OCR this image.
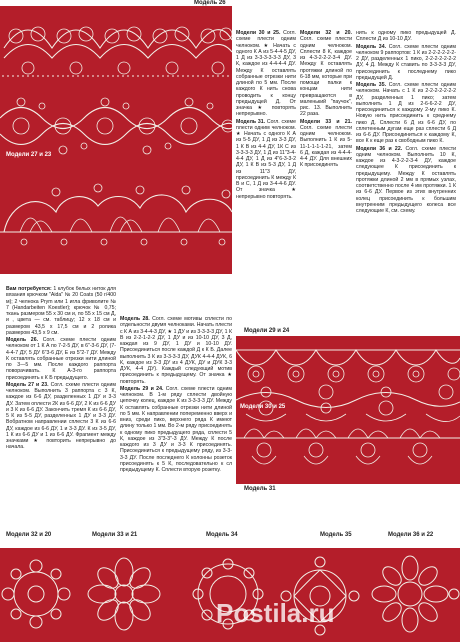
Модель 26
Модели 27 и 23

Модели 30 и 25. Согл. схеме плести одним челноком. ★ Начать с одного К А из 5-4-4-5 ДУ, 1 Д из 3-3-3-3-3-3 ДУ, 3 К, каждое из 4-4-4-4 ДУ. Между К оставлять собранные отрезки нити длиной по 5 мм. После каждого К нить снова проводить к концу предыдущей Д. От значка ★ повторять непрерывно.

Модель 31. Согл. схеме плести одним челноком. ★ Начать с одного К А из 5-5 ДУ, 1 Д из 3-3 ДУ, 1 К В из 4-4 ДУ, 1К С из 3-3-3-3 ДУ, 1 Д из 11"3-4-4-4 ДУ, 1 Д из 4"6-3-3-2 ДУ, 1 К В из 5-3 ДУ, 1 Д из 11"3 ДУ, присоединить К между К В и С, 1 Д из 3-4-4-6 ДУ. От значка ★ непрерывно повторять.

Модели 32 и 20. Согл. схеме плести одним челноком. Сплести 8 К, каждое из 4-3-2-2-2-3-4 ДУ. Между К оставлять протяжки длиной по 6-18 мм, которые при помощи палки к концам нити превращаются в маленький "паучок", рис. 13. Выполнить 22 раза.

Модели 33 и 21. Согл. схеме плести одним челноком. Выполнить 1 К из 5-11-1-1-1-1-21, затем 6 Д, каждая из 4-4-4-4-4 ДУ. Для внешних К присоединять

нить к одному пико предыдущей Д. Сплести Д из 10-10 ДУ.

Модель 34. Согл. схеме плести одним челноком 9 раппортов: 1 К из 2-2-2-2-2-2-2 ДУ, разделенных 1 пико, 2-2-2-2-2-2-2 ДУ, 4 Д. Между К ставить по 3-3-3-3 ДУ, присоединить к последнему пико предыдущей Д.

Модель 35. Согл. схеме плести одним челноком. Начать с 1 К из 2-2-2-2-2-2-2 ДУ, разделенных 1 пико; затем выполнить 1 Д из 2-6-6-2-2 ДУ, присоединиться к каждому 2-му пико К. Новую нить присоединить к среднему пико Д. Сплести 6 Д из 6-6 ДУ, по сплетенным дугам еще раз сплести 6 Д из 6-6 ДУ. Присоединиться к каждому К, все К к еще раз к свободным пико К.

Модели 36 и 22. Согл. схеме плести одним челноком. Выполнить 10 К, каждое из 4-3-2-2-3-4 ДУ, каждое следующее К присоединить к предыдущему. Между К оставлять протяжки длиной 2 мм в прямых узлах, соответственно после 4 им протяжки. 1 К из 6-6 ДУ. Первое из этих внутренних колец присоединить к большим внутренним предыдущего колеса все следующие К, см. схему.

Вам потребуется: 1 клубок белых ниток для вязания крючком "Aida" № 20 Coats (50 г/400 м); 2 челнока Prym или 1 игла фриволите № 7 (Handarbeiten Koestler); крючок № 0,75; ткань размером 55 x 30 см и, по 55 x 15 см Д, и , цвета — см. таблицу; 12 x 18 см и размером 43,5 x 17,5 см и 2 ролика размером 43,5 x 9 см.

Модель 26. Согл. схеме плести одним челноком от 1 К А по 7-2-5 ДУ, в 6"-3-6 ДУ, (7-4-4-7 ДУ, 5 ДУ 6"3-6 ДУ, Е из 5"2-7 ДУ. Между К оставлять собранные отрезки нити длиной по 3—5 мм. После каждого раппорта поворачивать. К А-З-го раппорта присоединять к К Б предыдущего.

Модель 27 и 23. Согл. схеме плести одним челноком. Выполнить 3 раппорта с 3 К, каждое из 6-6 ДУ, разделенных 1 ДУ и 3-3 ДУ. Затем оплести 2К из 6-6 ДУ, 2 К из 6-6 ДУ и 3 К из 6-6 ДУ. Закончить тремя К из 6-6 ДУ, 5 К из 5-5 ДУ, разделенных 1 ДУ и 3-3 ДУ. Вобратном направлении сплести 3 К из 6-6 ДУ, каждое из 6-6 ДУ, 1 и 3-3 ДУ. К из 3-5 ДУ, 1 К из 6-6 ДУ и 1 из 6-6 ДУ. Фрагмент между значками ★ повторить непрерывно до начала.

Модель 28. Согл. схеме мотивы сплести по отдельности двумя челноками. Начать плести с К А из 3-4-4-3 ДУ, ★ 1 ДУ и из 3-3-3-3 ДУ, 1 К В из 2-2-1-2-2 ДУ, 1 ДУ и из 10-10 ДУ, 3 Д, каждая из 9 ДУ, 1 ДУ и 10-10 ДУ. Присоединиться после каждой Д к К Б. Далее выполнить 3 К из 3-3-3-3 ДУ, ДУК 4-4-4 ДУК, 6 К, каждое из 3-3 ДУ из 4 ДУК, ДУ и ДУК 3-3 ДУК, 4-4 ДУ). Каждый следующий мотив присоединить к предыдущему. От значка ★ повторять.

Модель 29 и 24. Согл. схеме плести одним челноком. В 1-м ряду сплести двойную цепочку колец, каждое К из 3-3-3-3 ДУ. Между К оставлять собранные отрезки нити длиной по 5 мм. К направлении попеременно вверх и вниз, среди пико, верхнего ряда К имеют длину только 1 мм. Во 2-м ряду присоединять к одному пико предыдущего ряда, сплести 5 К, каждое из 3"3-3"-3 ДУ. Между К после каждого из 3 ДУ и 3-3 К присоединять. Присоединиться к предыдущему ряду, из 3-3-3-3 ДУ. После последнего К колонны розеток присоединять к 5 К, последовательно к сл предыдущему К. Сплести вторую розетку.

Модели 29 и 24
Модели 30 и 25
Модель 31
Postila.ru
Модели 32 и 20	Модели 33 и 21	Модель 34	Модель 35	Модели 36 и 22
